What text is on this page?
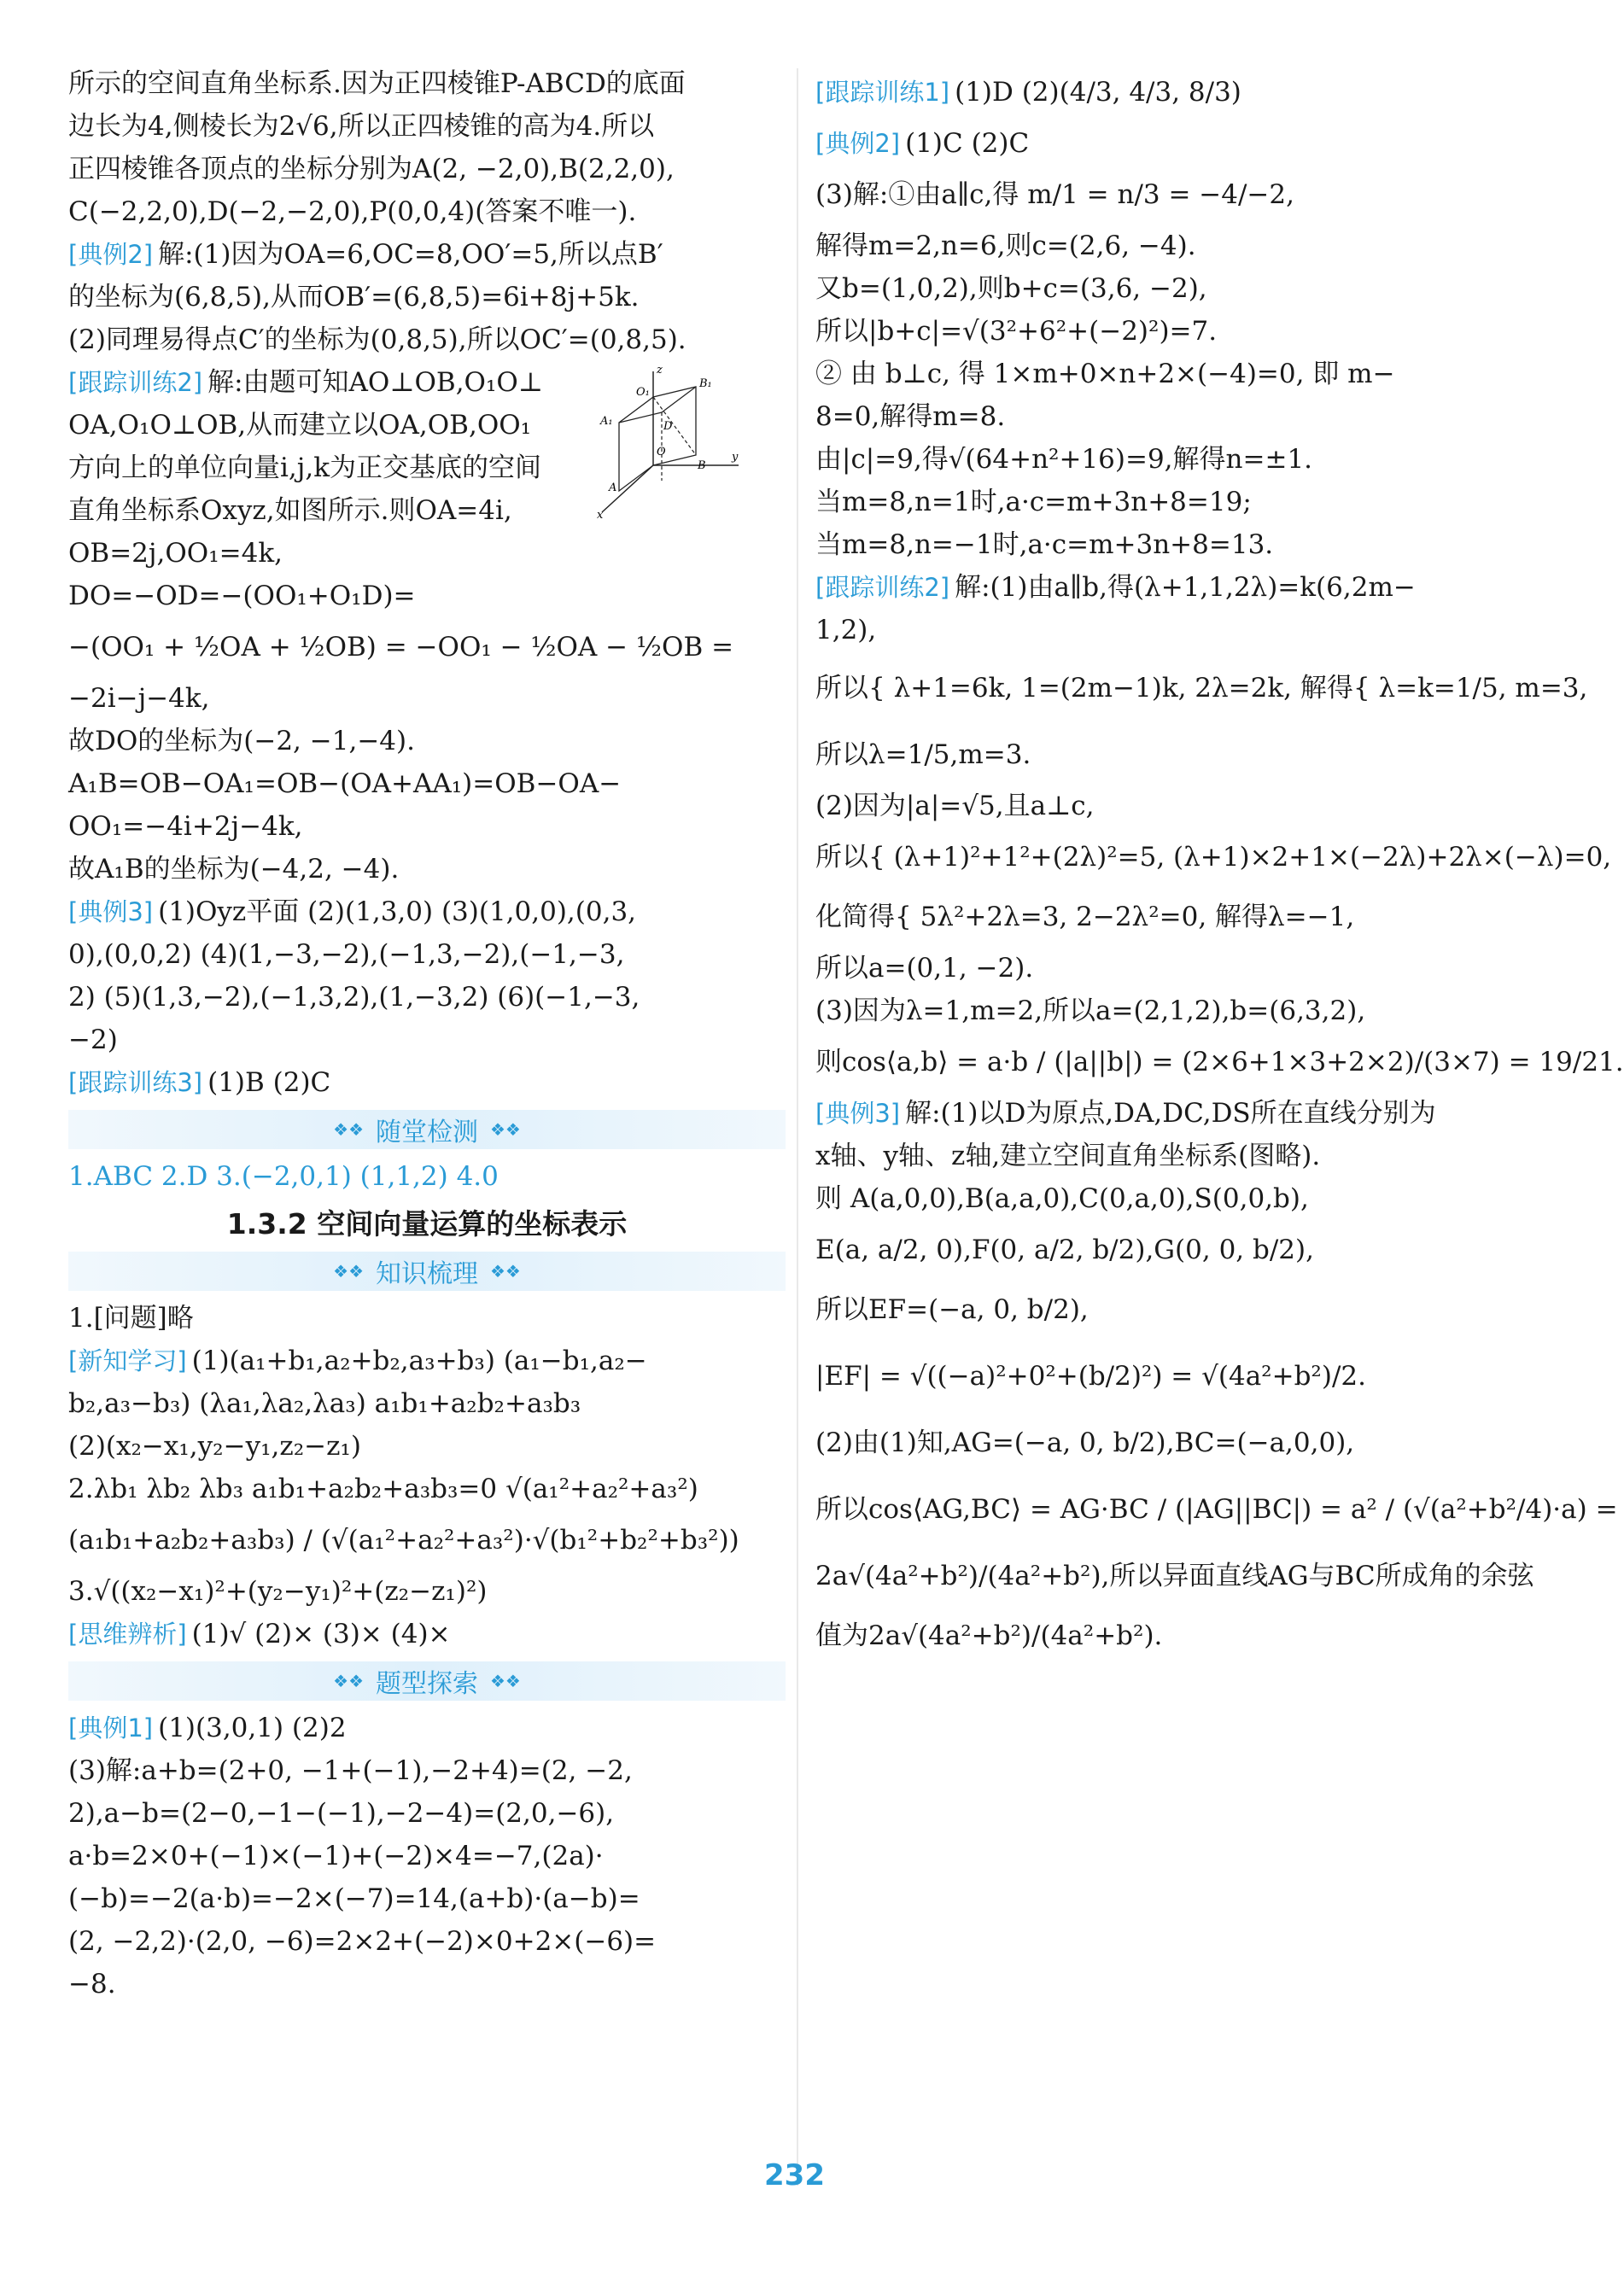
所示的空间直角坐标系.因为正四棱锥P-ABCD的底面
边长为4,侧棱长为2√6,所以正四棱锥的高为4.所以
正四棱锥各顶点的坐标分别为A(2, −2,0),B(2,2,0),
C(−2,2,0),D(−2,−2,0),P(0,0,4)(答案不唯一).
[典例2] 解:(1)因为OA=6,OC=8,OO′=5,所以点B′
的坐标为(6,8,5),从而OB′=(6,8,5)=6i+8j+5k.
(2)同理易得点C′的坐标为(0,8,5),所以OC′=(0,8,5).
[跟踪训练2] 解:由题可知AO⊥OB,O₁O⊥
OA,O₁O⊥OB,从而建立以OA,OB,OO₁
方向上的单位向量i,j,k为正交基底的空间
直角坐标系Oxyz,如图所示.则OA=4i,
OB=2j,OO₁=4k,
DO=−OD=−(OO₁+O₁D)=
−(OO₁ + ½OA + ½OB) = −OO₁ − ½OA − ½OB =
−2i−j−4k,
故DO的坐标为(−2, −1,−4).
A₁B=OB−OA₁=OB−(OA+AA₁)=OB−OA−
OO₁=−4i+2j−4k,
故A₁B的坐标为(−4,2, −4).
[典例3] (1)Oyz平面 (2)(1,3,0) (3)(1,0,0),(0,3,
0),(0,0,2) (4)(1,−3,−2),(−1,3,−2),(−1,−3,
2) (5)(1,3,−2),(−1,3,2),(1,−3,2) (6)(−1,−3,
−2)
[跟踪训练3] (1)B (2)C
❖❖ 随堂检测 ❖❖
1.ABC 2.D 3.(−2,0,1) (1,1,2) 4.0
1.3.2 空间向量运算的坐标表示
❖❖ 知识梳理 ❖❖
1.[问题]略
[新知学习] (1)(a₁+b₁,a₂+b₂,a₃+b₃) (a₁−b₁,a₂−
b₂,a₃−b₃) (λa₁,λa₂,λa₃) a₁b₁+a₂b₂+a₃b₃
(2)(x₂−x₁,y₂−y₁,z₂−z₁)
2.λb₁ λb₂ λb₃ a₁b₁+a₂b₂+a₃b₃=0 √(a₁²+a₂²+a₃²)
(a₁b₁+a₂b₂+a₃b₃) / (√(a₁²+a₂²+a₃²)·√(b₁²+b₂²+b₃²))
3.√((x₂−x₁)²+(y₂−y₁)²+(z₂−z₁)²)
[思维辨析] (1)√ (2)× (3)× (4)×
❖❖ 题型探索 ❖❖
[典例1] (1)(3,0,1) (2)2
(3)解:a+b=(2+0, −1+(−1),−2+4)=(2, −2,
2),a−b=(2−0,−1−(−1),−2−4)=(2,0,−6),
a·b=2×0+(−1)×(−1)+(−2)×4=−7,(2a)·
(−b)=−2(a·b)=−2×(−7)=14,(a+b)·(a−b)=
(2, −2,2)·(2,0, −6)=2×2+(−2)×0+2×(−6)=
−8.
z
O₁
B₁
A₁	D
O
B
y
A
x
[跟踪训练1] (1)D (2)(4/3, 4/3, 8/3)
[典例2] (1)C (2)C
(3)解:①由a∥c,得 m/1 = n/3 = −4/−2,
解得m=2,n=6,则c=(2,6, −4).
又b=(1,0,2),则b+c=(3,6, −2),
所以|b+c|=√(3²+6²+(−2)²)=7.
② 由 b⊥c, 得 1×m+0×n+2×(−4)=0, 即 m−
8=0,解得m=8.
由|c|=9,得√(64+n²+16)=9,解得n=±1.
当m=8,n=1时,a·c=m+3n+8=19;
当m=8,n=−1时,a·c=m+3n+8=13.
[跟踪训练2] 解:(1)由a∥b,得(λ+1,1,2λ)=k(6,2m−
1,2),
所以{ λ+1=6k, 1=(2m−1)k, 2λ=2k, 解得{ λ=k=1/5, m=3,
所以λ=1/5,m=3.
(2)因为|a|=√5,且a⊥c,
所以{ (λ+1)²+1²+(2λ)²=5, (λ+1)×2+1×(−2λ)+2λ×(−λ)=0,
化简得{ 5λ²+2λ=3, 2−2λ²=0, 解得λ=−1,
所以a=(0,1, −2).
(3)因为λ=1,m=2,所以a=(2,1,2),b=(6,3,2),
则cos⟨a,b⟩ = a·b / (|a||b|) = (2×6+1×3+2×2)/(3×7) = 19/21.
[典例3] 解:(1)以D为原点,DA,DC,DS所在直线分别为
x轴、y轴、z轴,建立空间直角坐标系(图略).
则 A(a,0,0),B(a,a,0),C(0,a,0),S(0,0,b),
E(a, a/2, 0),F(0, a/2, b/2),G(0, 0, b/2),
所以EF=(−a, 0, b/2),
|EF| = √((−a)²+0²+(b/2)²) = √(4a²+b²)/2.
(2)由(1)知,AG=(−a, 0, b/2),BC=(−a,0,0),
所以cos⟨AG,BC⟩ = AG·BC / (|AG||BC|) = a² / (√(a²+b²/4)·a) =
2a√(4a²+b²)/(4a²+b²),所以异面直线AG与BC所成角的余弦
值为2a√(4a²+b²)/(4a²+b²).
232
